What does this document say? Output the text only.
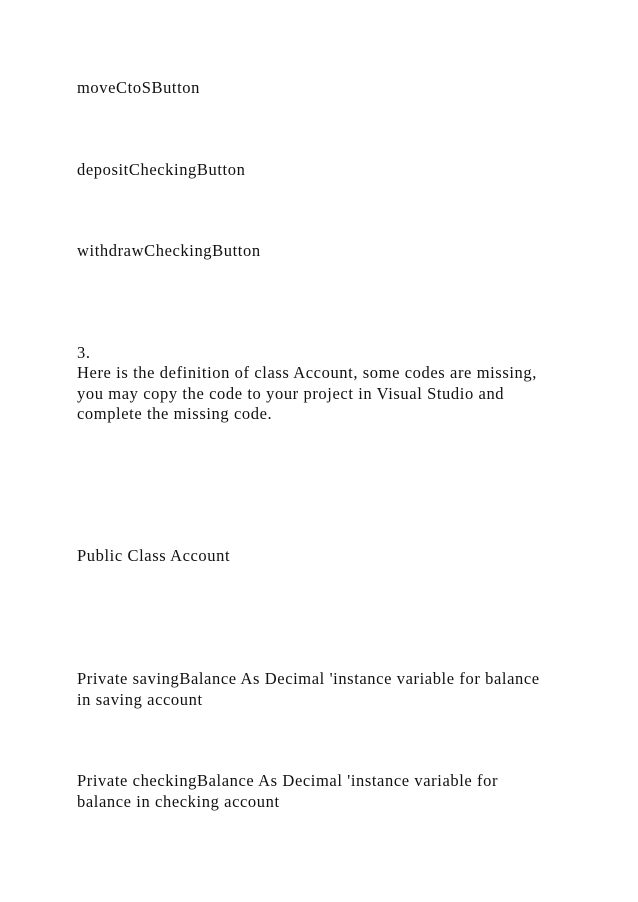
moveCtoSButton
depositCheckingButton
withdrawCheckingButton
3.
Here is the definition of class Account, some codes are missing,
you may copy the code to your project in Visual Studio and
complete the missing code.
Public Class Account
Private savingBalance As Decimal 'instance variable for balance
in saving account
Private checkingBalance As Decimal 'instance variable for
balance in checking account
